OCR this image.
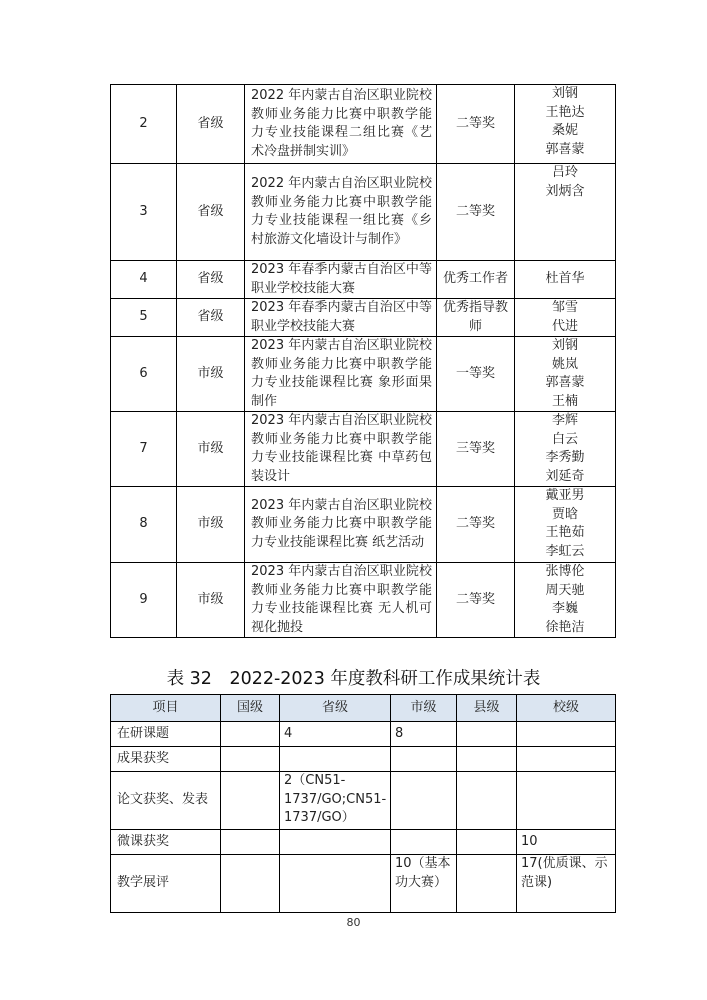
2	省级	2022 年内蒙古自治区职业院校教师业务能力比赛中职教学能力专业技能课程二组比赛《艺术冷盘拼制实训》	二等奖	刘钢
王艳达
桑妮
郭喜蒙

3	省级	2022 年内蒙古自治区职业院校教师业务能力比赛中职教学能力专业技能课程一组比赛《乡村旅游文化墙设计与制作》	二等奖	吕玲
刘炳含

4	省级	2023 年春季内蒙古自治区中等职业学校技能大赛	优秀工作者	杜首华
5	省级	2023 年春季内蒙古自治区中等职业学校技能大赛	优秀指导教师	邹雪
代进

6	市级	2023 年内蒙古自治区职业院校教师业务能力比赛中职教学能力专业技能课程比赛 象形面果制作	一等奖	刘钢
姚岚
郭喜蒙
王楠

7	市级	2023 年内蒙古自治区职业院校教师业务能力比赛中职教学能力专业技能课程比赛 中草药包装设计	三等奖	李辉
白云
李秀勤
刘延奇

8	市级	2023 年内蒙古自治区职业院校教师业务能力比赛中职教学能力专业技能课程比赛 纸艺活动	二等奖	戴亚男
贾晗
王艳茹
李虹云

9	市级	2023 年内蒙古自治区职业院校教师业务能力比赛中职教学能力专业技能课程比赛 无人机可视化抛投	二等奖	张博伦
周天驰
李巍
徐艳洁
表 32　2022-2023 年度教科研工作成果统计表
项目	国级	省级	市级	县级	校级
在研课题		4	8		
成果获奖					
论文获奖、发表		2（CN51-1737/GO;CN51-1737/GO）			
微课获奖					10
教学展评			10（基本功大赛）		17(优质课、示范课)
80
